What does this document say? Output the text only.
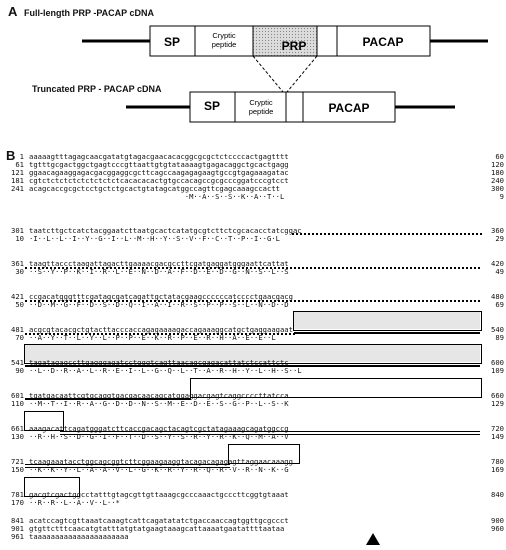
A Full-length PRP -PACAP cDNA
SP	Cryptic
peptide	PRP	PACAP
SP	Cryptic
peptide	PACAP
Truncated PRP - PACAP cDNA
B 1 aaaaagtttagagcaacgatatgtagacgaacacacggcgcgctctccccactgagtttt	60
61 tgtttgcgactggctgagtcccgttaattgtgtataaaagtgagacaggctgcactgagg	120
121 ggaacagaaggagacgacggaggcgcttcagccaagagagaagtgccgtgagaaagatac	180
181 cgtctctctctctctctctctcacacacactgtgccacagccgcgcccggatcccgtcct	240
241 acagcaccgcgctcctgctctgcactgtatagcatggccagttcgagcaaagccactt	300
·M··A··S··S··K··A··T··L	9
301 taatcttgctcatctacggaatcttaatgcactcatatgcgtcttctcgcacacctatcggac	360
10 ·I··L··L··I··Y··G··I··L··M··H··Y··S··V··F··C··T··P··I··G·L	29
361 taagttaccctaagattagacttgaaaacgacgccttcgatgaggatgggaattcattat	420
30 ··S··Y··P··K··I··R··L··E··N··D··A··F··D··E··D··G··N··S··L··S	49
421 ccgacatgggtttcgatagcgatcagattgctatacgaagccccccatcccctgaacgacg	480
50 ··D··M··G··F··D··S··D··Q··I··A··I··R··S··P··P··S··L··N··D··D	69
481 acgcgtacacgctgtacttacccaccagagaaaagaccagaaaggcatgctgaggaagaat	540
70 ··A··Y··T··L··Y··L··P··P··E··K··R··P··E··R··H··A··E··E··L	89
541 tagatagagccttgagggagatcctgggtcagttaacagcgagacattatctccattctc	600
90 ··L··D··R··A··L··R··E··I··L··G··Q··L··T··A··R··H··Y··L··H··S··L	109
601 tgatgacaattcgtgcaggtgacgacaacagcatggaggacgagtcaggccccttatcca	660
110 ··M··T··I··R··A··G··D··D··N··S··M··E··D··E··S··G··P··L··S··K	129
661 aaagacattcagatgggatcttcaccgacagctacagtcgctatagaaagcagatggccg	720
130 ··R··H··S··D··G··I··F··T··D··S··Y··S··R··Y··R··K··Q··M··A··V	149
721 tcaagaaatacctggcagcggtcttcggaagaaggtacagacagagagttaggaacaaagg	780
150 ··K··K··Y··L··A··A··V··L··G··K··R··Y··R··Q··R··V··R··N··K··G	169
781 gacgtcgactggcctatttgtagcgttgttaaagcgcccaaactgcccttcggtgtaaat	840
170 ··R··R··L··A··V··L··*
841 acatccagtcgttaaatcaaagtcattcagatatatctgaccaaccagtggttgcgccct	900
901 gtgttctttcaacatgtatttatgtatgaagtaaagcattaaaatgaatattttaataa	960
961 taaaaaaaaaaaaaaaaaaaaaa
